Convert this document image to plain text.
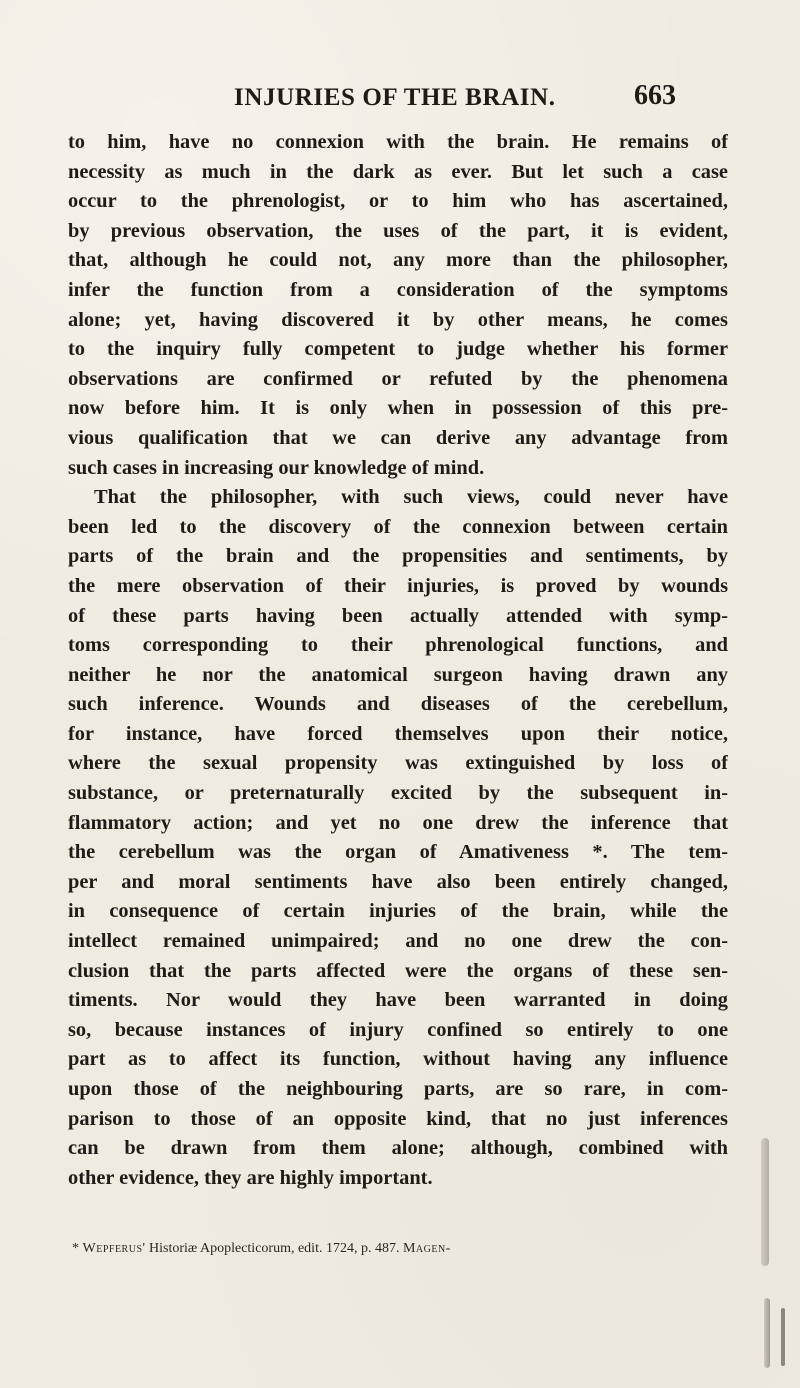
INJURIES OF THE BRAIN.	663
to him, have no connexion with the brain. He remains of
necessity as much in the dark as ever. But let such a case
occur to the phrenologist, or to him who has ascertained,
by previous observation, the uses of the part, it is evident,
that, although he could not, any more than the philosopher,
infer the function from a consideration of the symptoms
alone; yet, having discovered it by other means, he comes
to the inquiry fully competent to judge whether his former
observations are confirmed or refuted by the phenomena
now before him. It is only when in possession of this pre-
vious qualification that we can derive any advantage from
such cases in increasing our knowledge of mind.
That the philosopher, with such views, could never have
been led to the discovery of the connexion between certain
parts of the brain and the propensities and sentiments, by
the mere observation of their injuries, is proved by wounds
of these parts having been actually attended with symp-
toms corresponding to their phrenological functions, and
neither he nor the anatomical surgeon having drawn any
such inference. Wounds and diseases of the cerebellum,
for instance, have forced themselves upon their notice,
where the sexual propensity was extinguished by loss of
substance, or preternaturally excited by the subsequent in-
flammatory action; and yet no one drew the inference that
the cerebellum was the organ of Amativeness *. The tem-
per and moral sentiments have also been entirely changed,
in consequence of certain injuries of the brain, while the
intellect remained unimpaired; and no one drew the con-
clusion that the parts affected were the organs of these sen-
timents. Nor would they have been warranted in doing
so, because instances of injury confined so entirely to one
part as to affect its function, without having any influence
upon those of the neighbouring parts, are so rare, in com-
parison to those of an opposite kind, that no just inferences
can be drawn from them alone; although, combined with
other evidence, they are highly important.
* Wepferus' Historiæ Apoplecticorum, edit. 1724, p. 487. Magen-
